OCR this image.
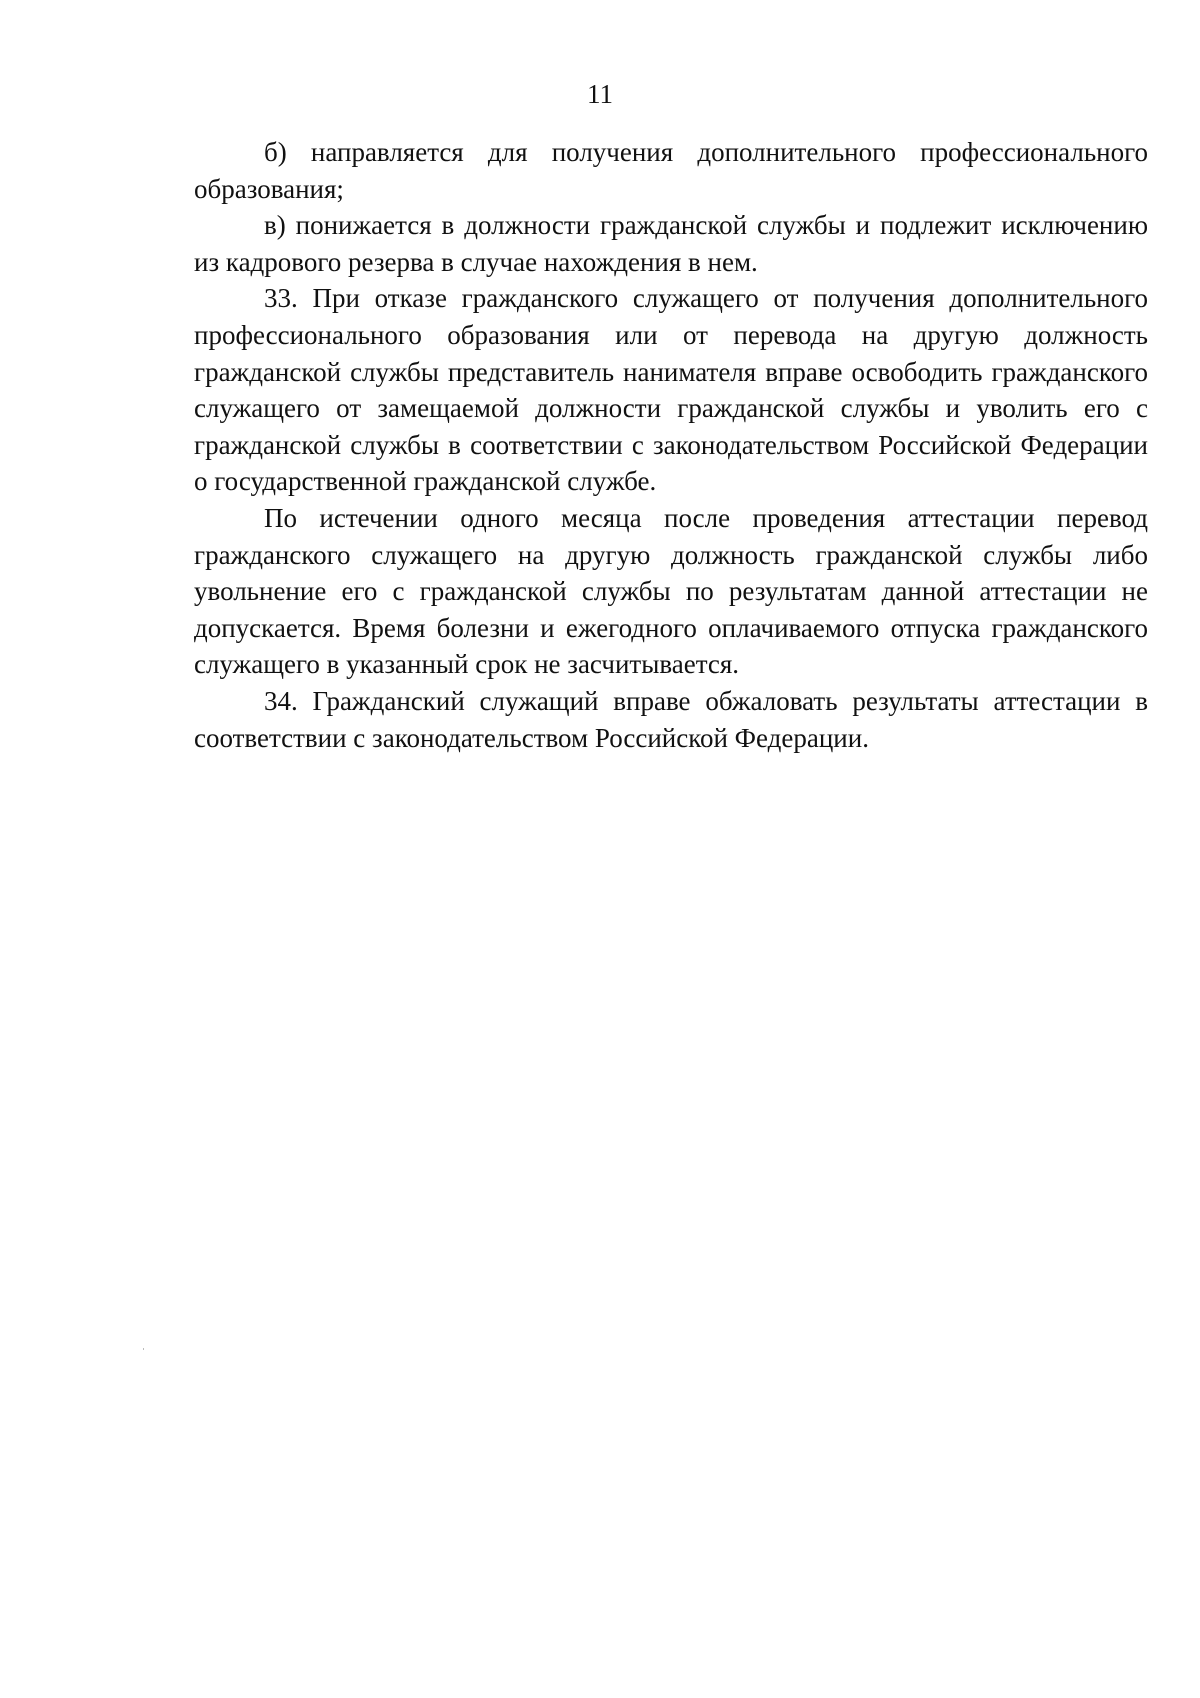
11

б) направляется для получения дополнительного профессионального образования;

в) понижается в должности гражданской службы и подлежит исключению из кадрового резерва в случае нахождения в нем.

33. При отказе гражданского служащего от получения дополнительного профессионального образования или от перевода на другую должность гражданской службы представитель нанимателя вправе освободить гражданского служащего от замещаемой должности гражданской службы и уволить его с гражданской службы в соответствии с законодательством Российской Федерации о государственной гражданской службе.

По истечении одного месяца после проведения аттестации перевод гражданского служащего на другую должность гражданской службы либо увольнение его с гражданской службы по результатам данной аттестации не допускается. Время болезни и ежегодного оплачиваемого отпуска гражданского служащего в указанный срок не засчитывается.

34. Гражданский служащий вправе обжаловать результаты аттестации в соответствии с законодательством Российской Федерации.
